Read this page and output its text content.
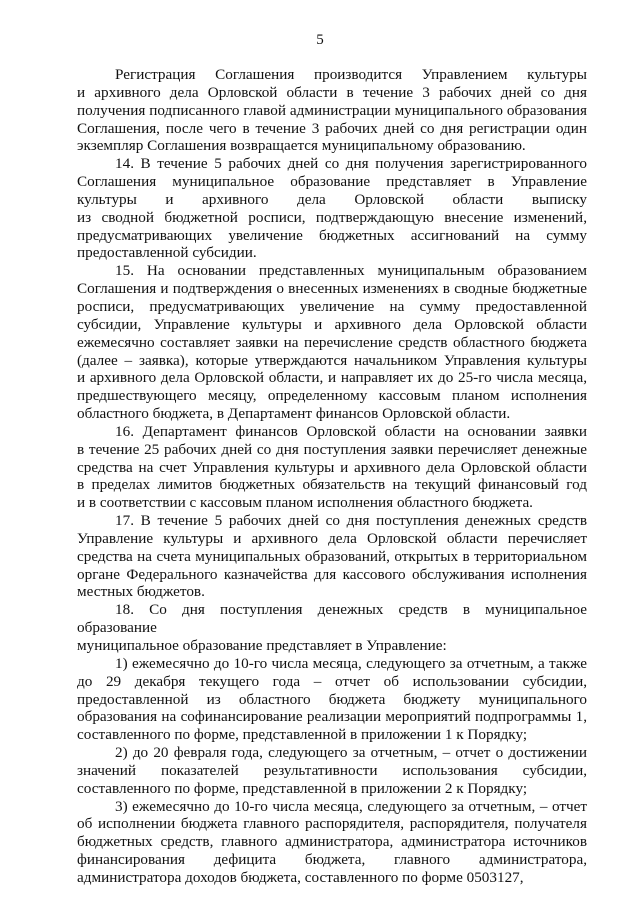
5
Регистрация Соглашения производится Управлением культуры
и архивного дела Орловской области в течение 3 рабочих дней со дня
получения подписанного главой администрации муниципального образования
Соглашения, после чего в течение 3 рабочих дней со дня регистрации один
экземпляр Соглашения возвращается муниципальному образованию.
14. В течение 5 рабочих дней со дня получения зарегистрированного
Соглашения муниципальное образование представляет в Управление
культуры и архивного дела Орловской области выписку
из сводной бюджетной росписи, подтверждающую внесение изменений,
предусматривающих увеличение бюджетных ассигнований на сумму
предоставленной субсидии.
15. На основании представленных муниципальным образованием
Соглашения и подтверждения о внесенных изменениях в сводные бюджетные
росписи, предусматривающих увеличение на сумму предоставленной
субсидии, Управление культуры и архивного дела Орловской области
ежемесячно составляет заявки на перечисление средств областного бюджета
(далее – заявка), которые утверждаются начальником Управления культуры
и архивного дела Орловской области, и направляет их до 25-го числа месяца,
предшествующего месяцу, определенному кассовым планом исполнения
областного бюджета, в Департамент финансов Орловской области.
16. Департамент финансов Орловской области на основании заявки
в течение 25 рабочих дней со дня поступления заявки перечисляет денежные
средства на счет Управления культуры и архивного дела Орловской области
в пределах лимитов бюджетных обязательств на текущий финансовый год
и в соответствии с кассовым планом исполнения областного бюджета.
17. В течение 5 рабочих дней со дня поступления денежных средств
Управление культуры и архивного дела Орловской области перечисляет
средства на счета муниципальных образований, открытых в территориальном
органе Федерального казначейства для кассового обслуживания исполнения
местных бюджетов.
18. Со дня поступления денежных средств в муниципальное образование
муниципальное образование представляет в Управление:
1) ежемесячно до 10-го числа месяца, следующего за отчетным, а также
до 29 декабря текущего года – отчет об использовании субсидии,
предоставленной из областного бюджета бюджету муниципального
образования на софинансирование реализации мероприятий подпрограммы 1,
составленного по форме, представленной в приложении 1 к Порядку;
2) до 20 февраля года, следующего за отчетным, – отчет о достижении
значений показателей результативности использования субсидии,
составленного по форме, представленной в приложении 2 к Порядку;
3) ежемесячно до 10-го числа месяца, следующего за отчетным, – отчет
об исполнении бюджета главного распорядителя, распорядителя, получателя
бюджетных средств, главного администратора, администратора источников
финансирования дефицита бюджета, главного администратора,
администратора доходов бюджета, составленного по форме 0503127,
